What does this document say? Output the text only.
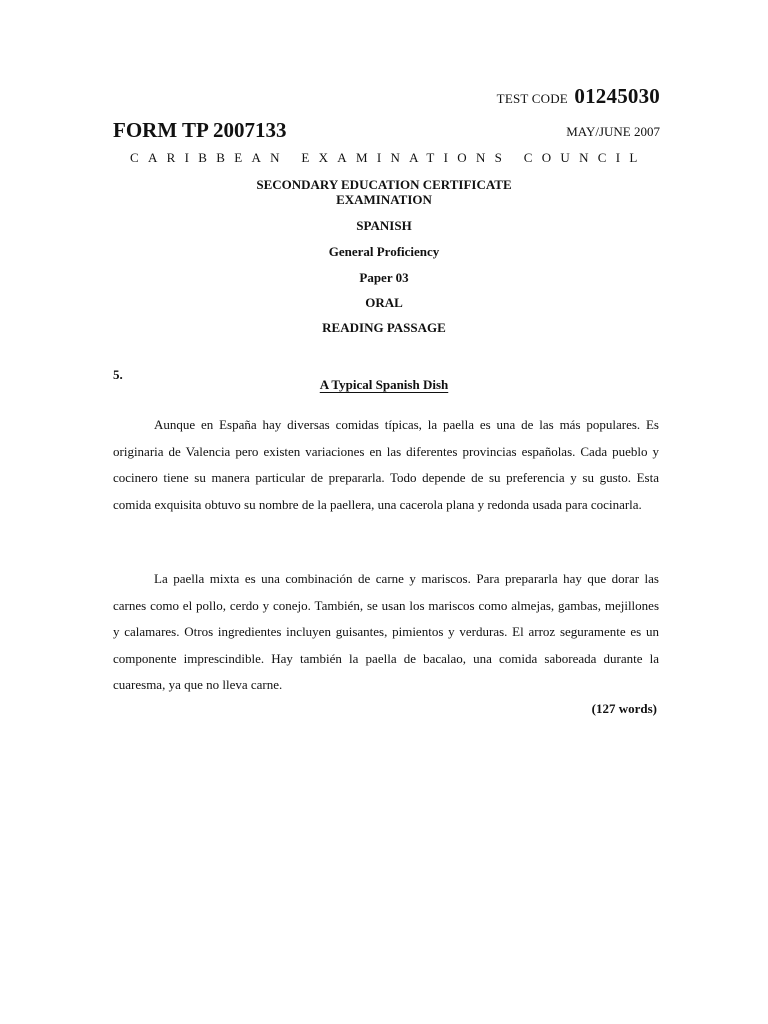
TEST CODE 01245030
FORM TP 2007133	MAY/JUNE 2007
CARIBBEAN EXAMINATIONS COUNCIL
SECONDARY EDUCATION CERTIFICATE
EXAMINATION
SPANISH
General Proficiency
Paper 03
ORAL
READING PASSAGE
5.
A Typical Spanish Dish

Aunque en España hay diversas comidas típicas, la paella es una de las más populares. Es originaria de Valencia pero existen variaciones en las diferentes provincias españolas. Cada pueblo y cocinero tiene su manera particular de prepararla. Todo depende de su preferencia y su gusto. Esta comida exquisita obtuvo su nombre de la paellera, una cacerola plana y redonda usada para cocinarla.

La paella mixta es una combinación de carne y mariscos. Para prepararla hay que dorar las carnes como el pollo, cerdo y conejo. También, se usan los mariscos como almejas, gambas, mejillones y calamares. Otros ingredientes incluyen guisantes, pimientos y verduras. El arroz seguramente es un componente imprescindible. Hay también la paella de bacalao, una comida saboreada durante la cuaresma, ya que no lleva carne.

(127 words)
